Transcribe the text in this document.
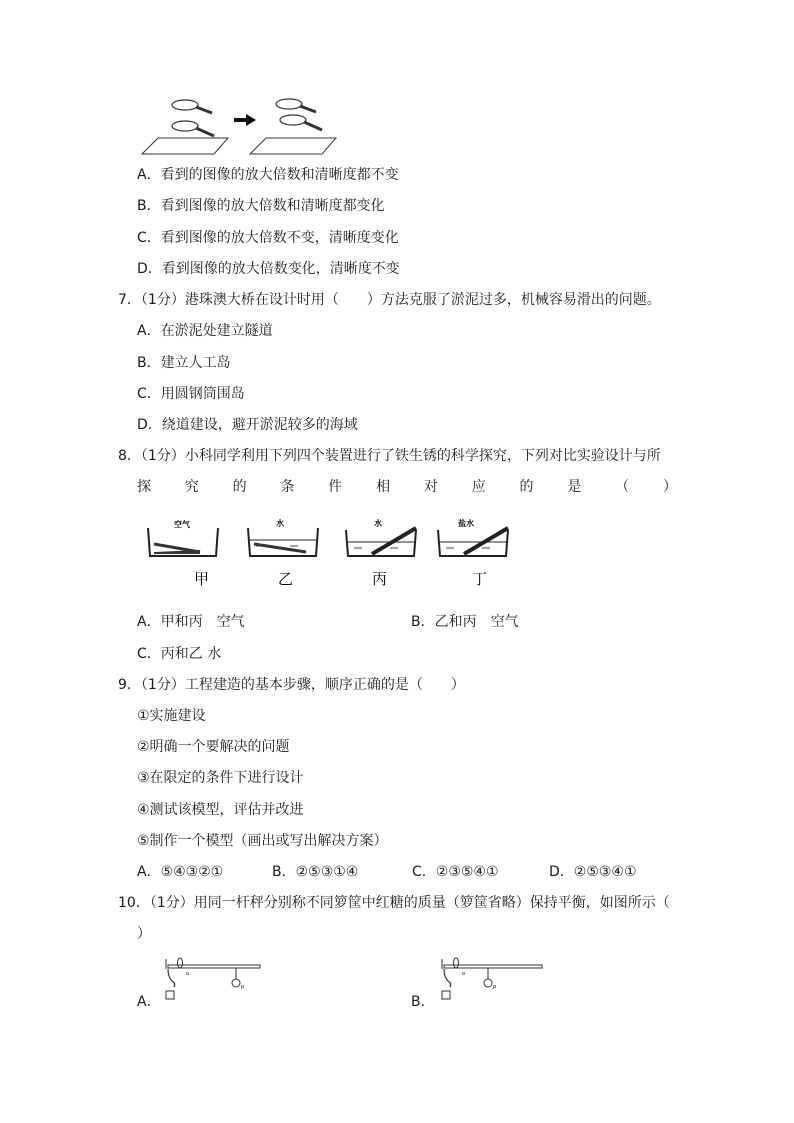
A．看到的图像的放大倍数和清晰度都不变
B．看到图像的放大倍数和清晰度都变化
C．看到图像的放大倍数不变，清晰度变化
D．看到图像的放大倍数变化，清晰度不变
7．（1分）港珠澳大桥在设计时用（　　）方法克服了淤泥过多，机械容易滑出的问题。
A．在淤泥处建立隧道
B．建立人工岛
C．用圆钢筒围岛
D．绕道建设，避开淤泥较多的海域
8．（1分）小科同学利用下列四个装置进行了铁生锈的科学探究，下列对比实验设计与所
探 究 的 条 件 相 对 应 的 是 （ ）
空气
甲
水
乙
水
丙
盐水
丁
A．甲和丙　空气	B．乙和丙　空气
C．丙和乙 水
9．（1分）工程建造的基本步骤，顺序正确的是（　　）
①实施建设
②明确一个要解决的问题
③在限定的条件下进行设计
④测试该模型，评估并改进
⑤制作一个模型（画出或写出解决方案）
A．⑤④③②①	B．②⑤③①④	C．②③⑤④①	D．②⑤③④①
10．（1分）用同一杆秤分别称不同箩筐中红糖的质量（箩筐省略）保持平衡，如图所示（
）
A．	B．
o
p
o
p
